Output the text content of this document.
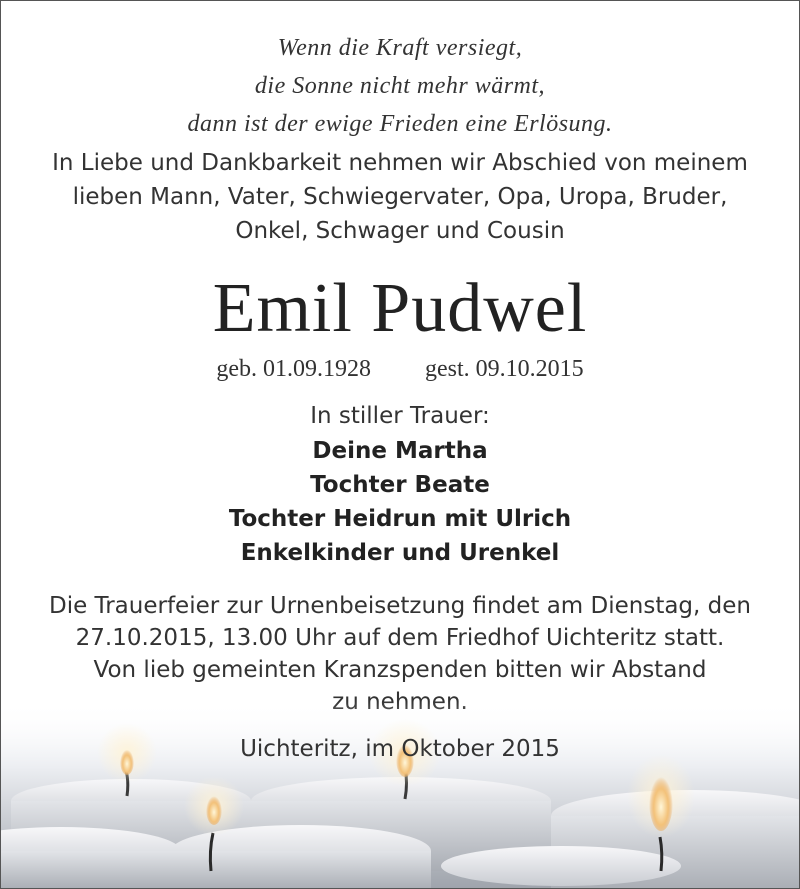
Wenn die Kraft versiegt,
die Sonne nicht mehr wärmt,
dann ist der ewige Frieden eine Erlösung.
In Liebe und Dankbarkeit nehmen wir Abschied von meinem
lieben Mann, Vater, Schwiegervater, Opa, Uropa, Bruder,
Onkel, Schwager und Cousin
Emil Pudwel
geb. 01.09.1928 gest. 09.10.2015
In stiller Trauer:
Deine Martha
Tochter Beate
Tochter Heidrun mit Ulrich
Enkelkinder und Urenkel
Die Trauerfeier zur Urnenbeisetzung findet am Dienstag, den
27.10.2015, 13.00 Uhr auf dem Friedhof Uichteritz statt.
Von lieb gemeinten Kranzspenden bitten wir Abstand
Uichteritz, im Oktober 2015
